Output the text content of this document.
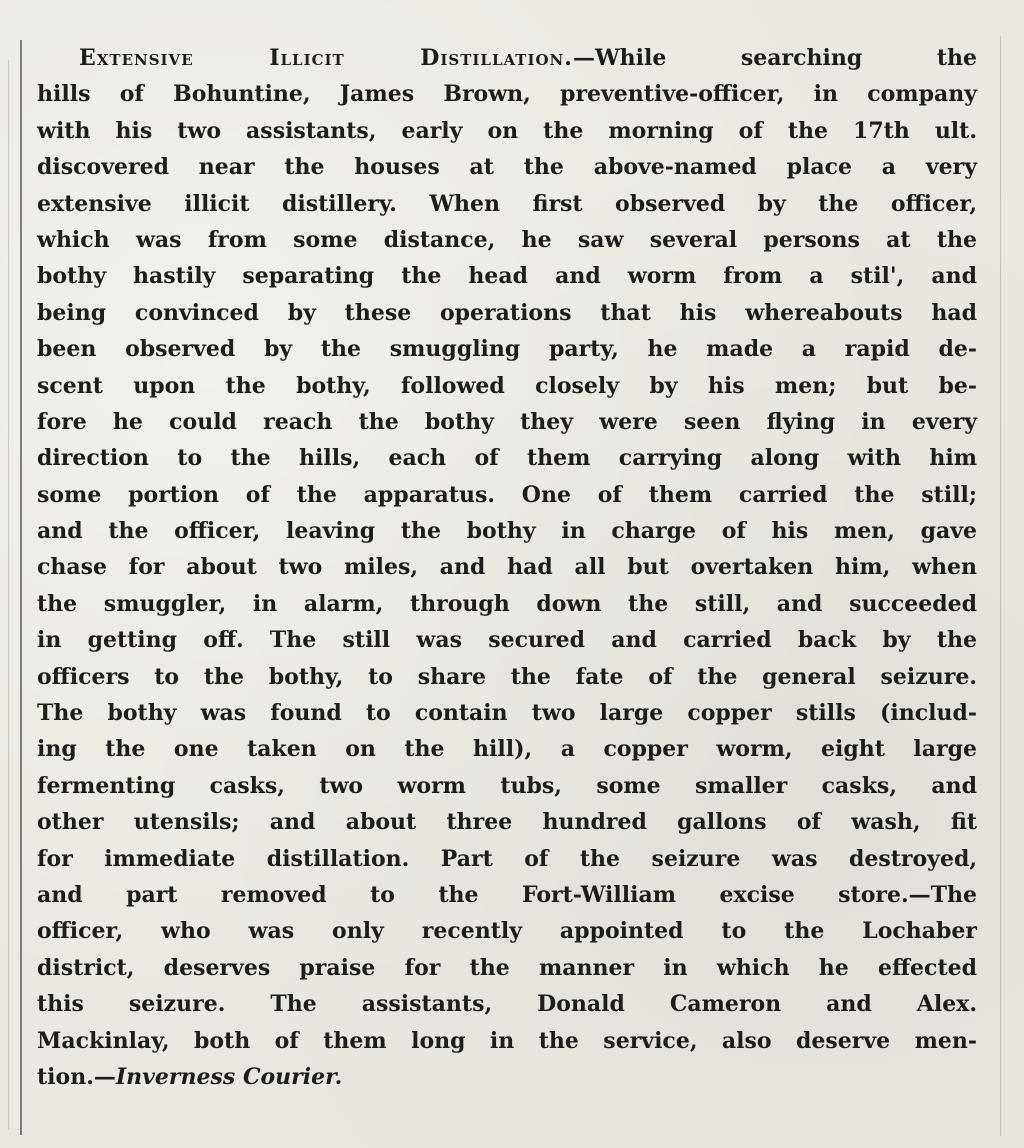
Extensive Illicit Distillation.—While searching the
hills of Bohuntine, James Brown, preventive-officer, in company
with his two assistants, early on the morning of the 17th ult.
discovered near the houses at the above-named place a very
extensive illicit distillery. When first observed by the officer,
which was from some distance, he saw several persons at the
bothy hastily separating the head and worm from a stil', and
being convinced by these operations that his whereabouts had
been observed by the smuggling party, he made a rapid de-
scent upon the bothy, followed closely by his men; but be-
fore he could reach the bothy they were seen flying in every
direction to the hills, each of them carrying along with him
some portion of the apparatus. One of them carried the still;
and the officer, leaving the bothy in charge of his men, gave
chase for about two miles, and had all but overtaken him, when
the smuggler, in alarm, through down the still, and succeeded
in getting off. The still was secured and carried back by the
officers to the bothy, to share the fate of the general seizure.
The bothy was found to contain two large copper stills (includ-
ing the one taken on the hill), a copper worm, eight large
fermenting casks, two worm tubs, some smaller casks, and
other utensils; and about three hundred gallons of wash, fit
for immediate distillation. Part of the seizure was destroyed,
and part removed to the Fort-William excise store.—The
officer, who was only recently appointed to the Lochaber
district, deserves praise for the manner in which he effected
this seizure. The assistants, Donald Cameron and Alex.
Mackinlay, both of them long in the service, also deserve men-
tion.—Inverness Courier.
